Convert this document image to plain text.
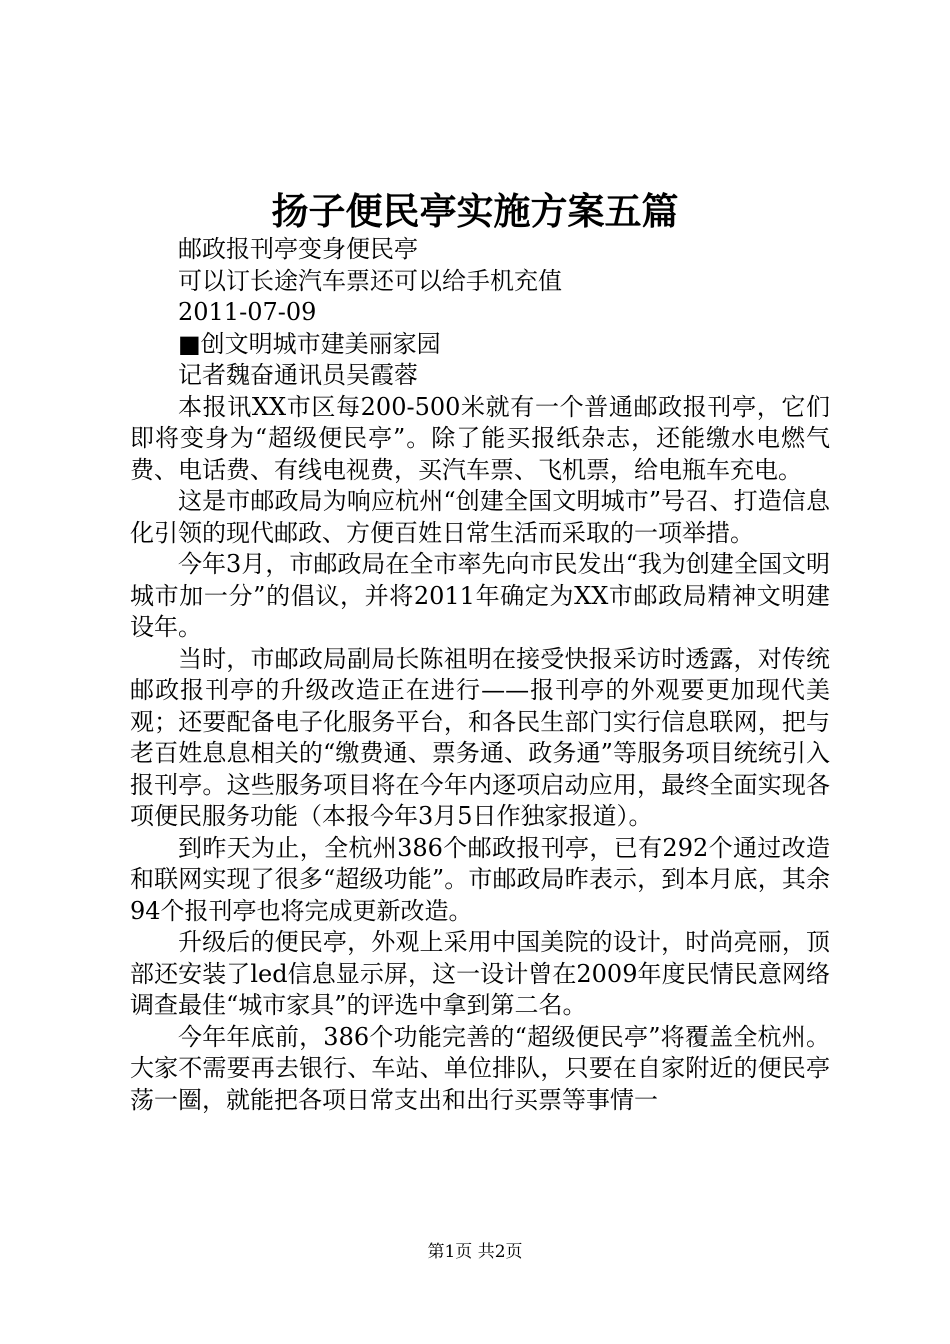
扬子便民亭实施方案五篇

邮政报刊亭变身便民亭

可以订长途汽车票还可以给手机充值

2011-07-09

■创文明城市建美丽家园

记者魏奋通讯员吴霞蓉

本报讯XX市区每200-500米就有一个普通邮政报刊亭，它们即将变身为“超级便民亭”。除了能买报纸杂志，还能缴水电燃气费、电话费、有线电视费，买汽车票、飞机票，给电瓶车充电。

这是市邮政局为响应杭州“创建全国文明城市”号召、打造信息化引领的现代邮政、方便百姓日常生活而采取的一项举措。

今年3月，市邮政局在全市率先向市民发出“我为创建全国文明城市加一分”的倡议，并将2011年确定为XX市邮政局精神文明建设年。

当时，市邮政局副局长陈祖明在接受快报采访时透露，对传统邮政报刊亭的升级改造正在进行——报刊亭的外观要更加现代美观；还要配备电子化服务平台，和各民生部门实行信息联网，把与老百姓息息相关的“缴费通、票务通、政务通”等服务项目统统引入报刊亭。这些服务项目将在今年内逐项启动应用，最终全面实现各项便民服务功能（本报今年3月5日作独家报道）。

到昨天为止，全杭州386个邮政报刊亭，已有292个通过改造和联网实现了很多“超级功能”。市邮政局昨表示，到本月底，其余94个报刊亭也将完成更新改造。

升级后的便民亭，外观上采用中国美院的设计，时尚亮丽，顶部还安装了led信息显示屏，这一设计曾在2009年度民情民意网络调查最佳“城市家具”的评选中拿到第二名。

今年年底前，386个功能完善的“超级便民亭”将覆盖全杭州。大家不需要再去银行、车站、单位排队，只要在自家附近的便民亭荡一圈，就能把各项日常支出和出行买票等事情一

第1页 共2页
